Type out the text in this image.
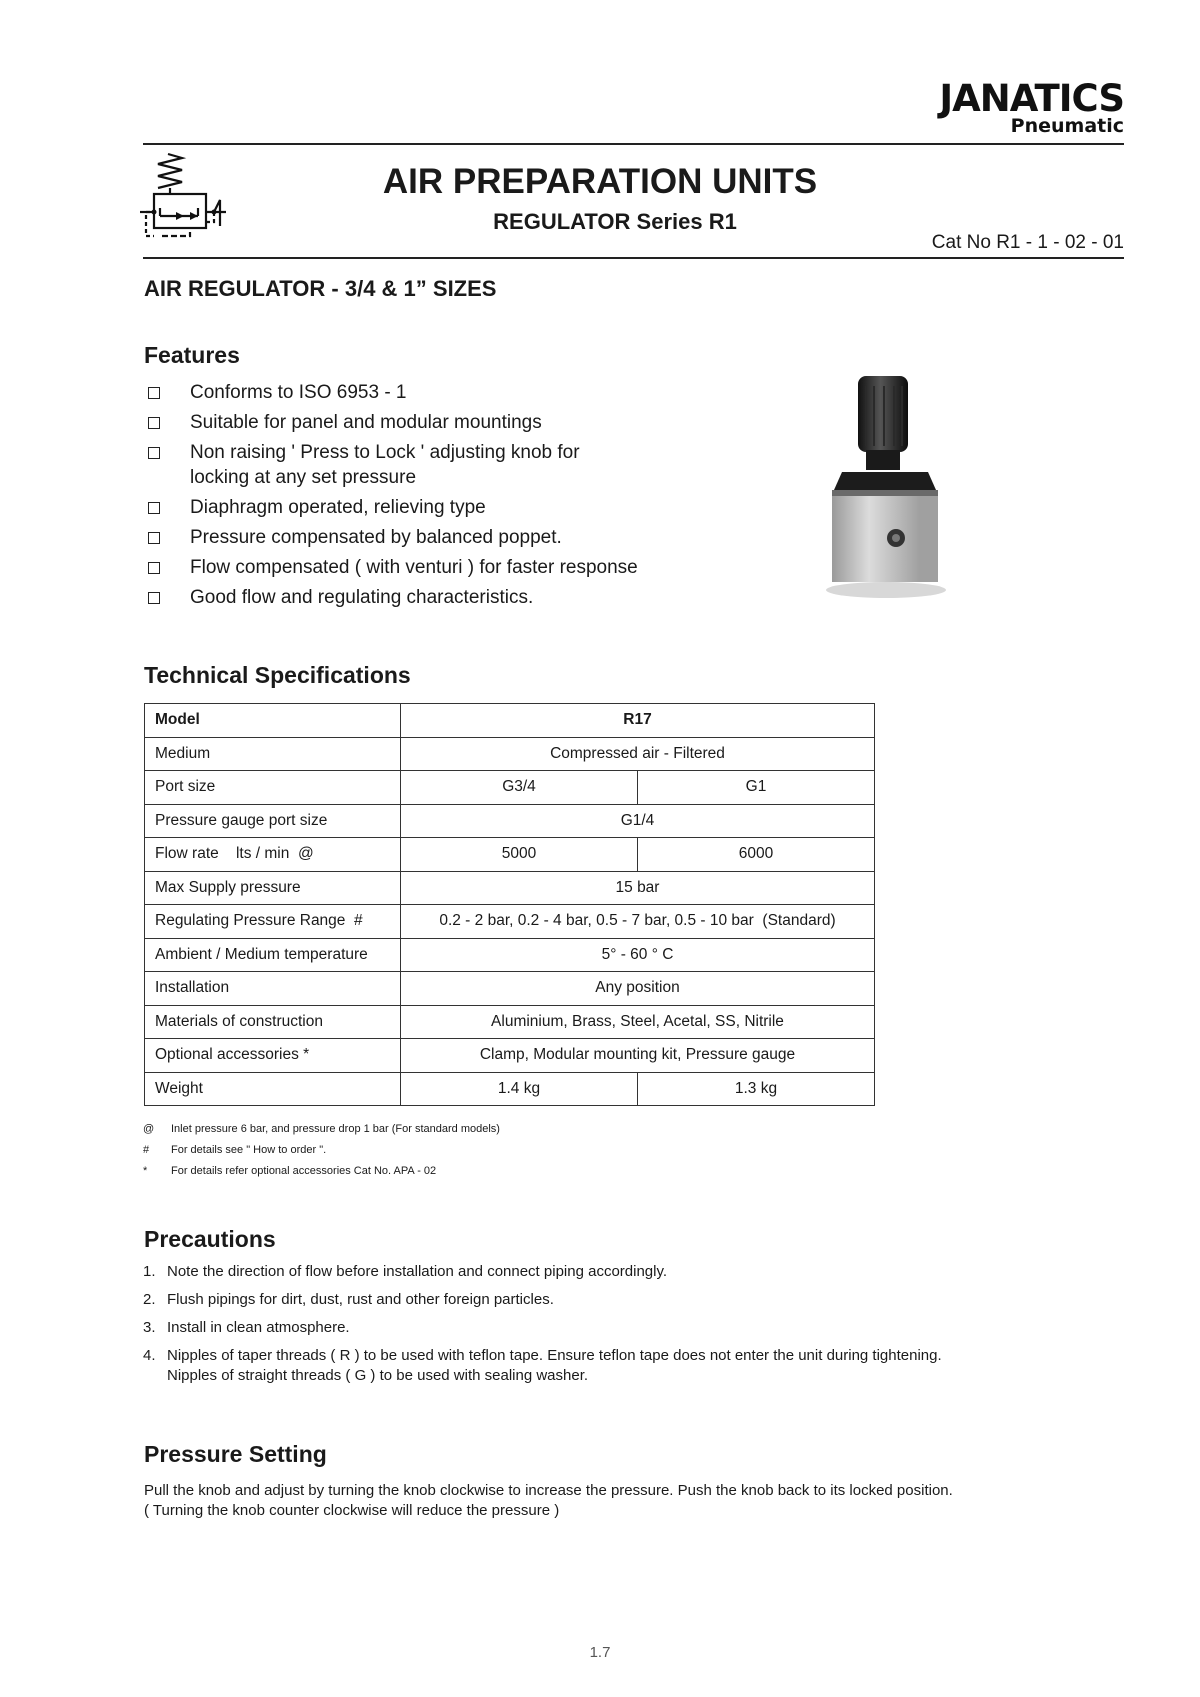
JANATICS
Pneumatic
AIR PREPARATION UNITS
REGULATOR Series R1
Cat No R1 - 1 - 02 - 01
AIR REGULATOR - 3/4 & 1” SIZES
Features
Conforms to ISO 6953 - 1
Suitable for panel and modular mountings
Non raising ' Press to Lock ' adjusting knob for
locking at any set pressure
Diaphragm operated, relieving type
Pressure compensated by balanced poppet.
Flow compensated ( with venturi ) for faster response
Good flow and regulating characteristics.
Technical Specifications
Model	R17	
Medium	Compressed air - Filtered	
Port size	G3/4	G1
Pressure gauge port size	G1/4	
Flow rate    lts / min  @	5000	6000
Max Supply pressure	15 bar	
Regulating Pressure Range  #	0.2 - 2 bar, 0.2 - 4 bar, 0.5 - 7 bar, 0.5 - 10 bar  (Standard)	
Ambient / Medium temperature	5° - 60 ° C	
Installation	Any position	
Materials of construction	Aluminium, Brass, Steel, Acetal, SS, Nitrile	
Optional accessories *	Clamp, Modular mounting kit, Pressure gauge	
Weight	1.4 kg	1.3 kg
@ Inlet pressure 6 bar, and pressure drop 1 bar (For standard models)
# For details see " How to order ".
* For details refer optional accessories Cat No. APA - 02
Precautions
1. Note the direction of flow before installation and connect piping accordingly.
2. Flush pipings for dirt, dust, rust and other foreign particles.
3. Install in clean atmosphere.
4. Nipples of taper threads ( R ) to be used with teflon tape. Ensure teflon tape does not enter the unit during tightening.
Nipples of straight threads ( G ) to be used with sealing washer.
Pressure Setting
Pull the knob and adjust by turning the knob clockwise to increase the pressure. Push the knob back to its locked position.
( Turning the knob counter clockwise will reduce the pressure )
1.7
